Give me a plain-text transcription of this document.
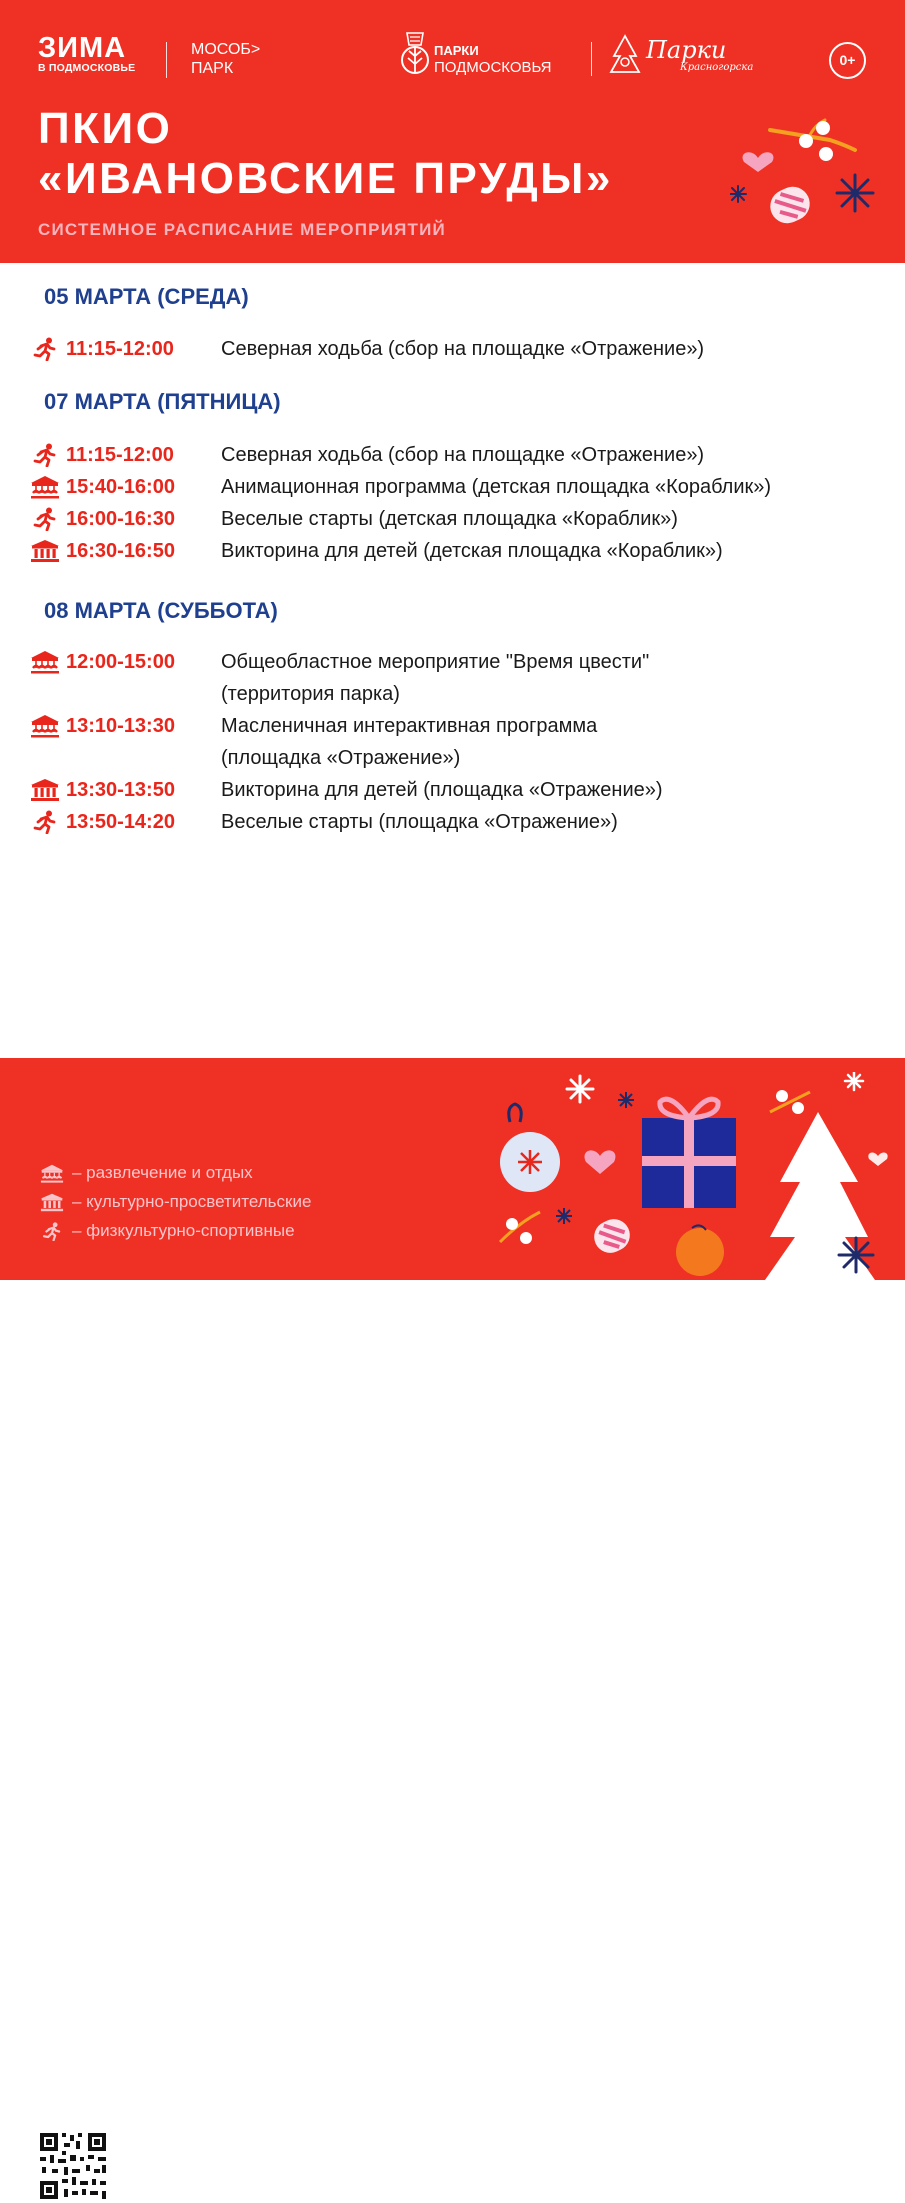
ЗИМА
В ПОДМОСКОВЬЕ
МОСОБ>
ПАРК
ПАРКИ
ПОДМОСКОВЬЯ
Парки
Красногорска	0+
ПКИО
«ИВАНОВСКИЕ ПРУДЫ»
СИСТЕМНОЕ РАСПИСАНИЕ МЕРОПРИЯТИЙ
05 МАРТА (СРЕДА)
11:15-12:00 Северная ходьба (сбор на площадке «Отражение»)
07 МАРТА (ПЯТНИЦА)
11:15-12:00 Северная ходьба (сбор на площадке «Отражение»)
15:40-16:00 Анимационная программа (детская площадка «Кораблик»)
16:00-16:30 Веселые старты (детская площадка «Кораблик»)
16:30-16:50 Викторина для детей (детская площадка «Кораблик»)
08 МАРТА (СУББОТА)
12:00-15:00 Общеобластное мероприятие "Время цвести"
(территория парка)
13:10-13:30 Масленичная интерактивная программа
(площадка «Отражение»)
13:30-13:50 Викторина для детей (площадка «Отражение»)
13:50-14:20 Веселые старты (площадка «Отражение»)
Подробности в
Telegram-канале
– развлечение и отдых
– культурно-просветительские
– физкультурно-спортивные
